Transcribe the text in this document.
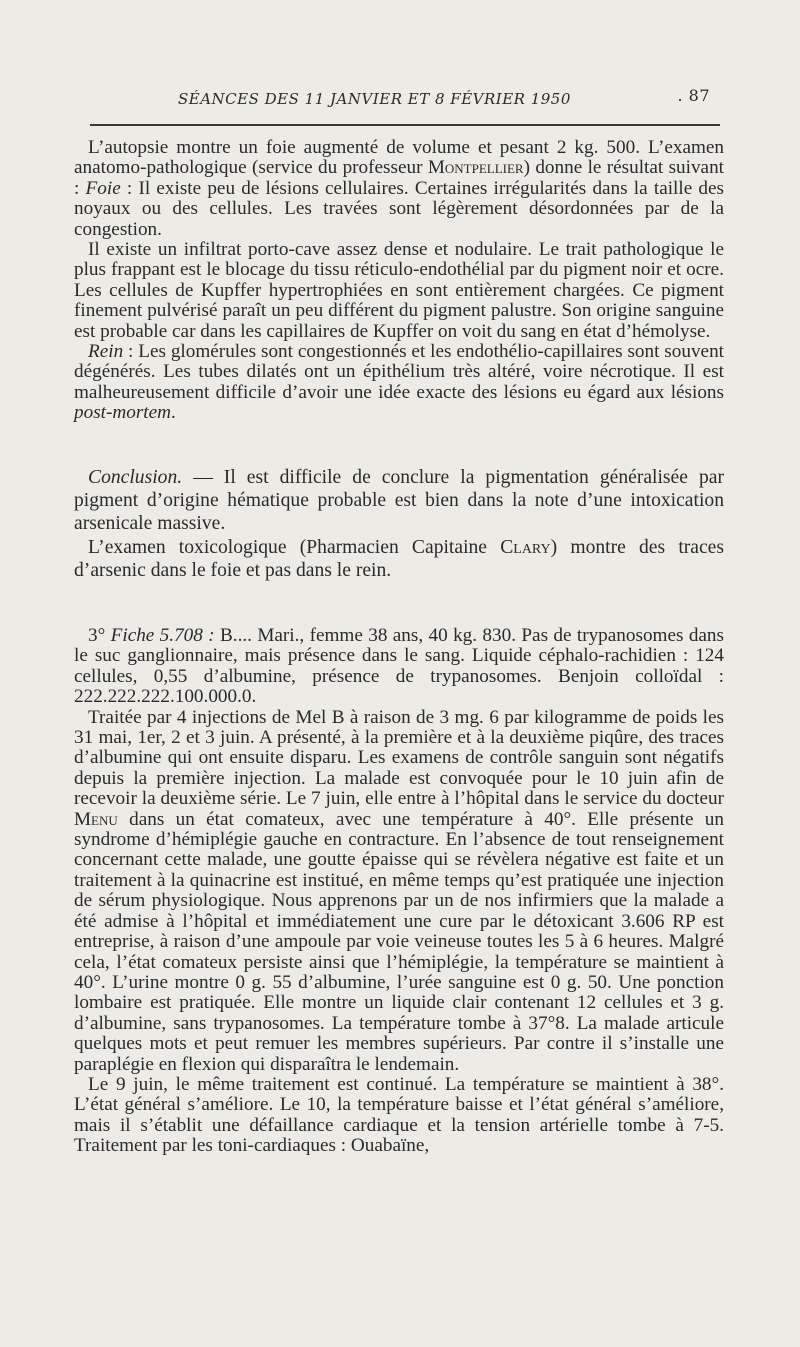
SÉANCES DES 11 JANVIER ET 8 FÉVRIER 1950	. 87

L’autopsie montre un foie augmenté de volume et pesant 2 kg. 500. L’examen anatomo-pathologique (service du professeur Montpellier) donne le résultat suivant : Foie : Il existe peu de lésions cellulaires. Certaines irrégularités dans la taille des noyaux ou des cellules. Les travées sont légèrement désordonnées par de la congestion.

Il existe un infiltrat porto-cave assez dense et nodulaire. Le trait pathologique le plus frappant est le blocage du tissu réticulo-endothélial par du pigment noir et ocre. Les cellules de Kupffer hypertrophiées en sont entièrement chargées. Ce pigment finement pulvérisé paraît un peu différent du pigment palustre. Son origine sanguine est probable car dans les capillaires de Kupffer on voit du sang en état d’hémolyse.

Rein : Les glomérules sont congestionnés et les endothélio-capillaires sont souvent dégénérés. Les tubes dilatés ont un épithélium très altéré, voire nécrotique. Il est malheureusement difficile d’avoir une idée exacte des lésions eu égard aux lésions post-mortem.

Conclusion. — Il est difficile de conclure la pigmentation généralisée par pigment d’origine hématique probable est bien dans la note d’une intoxication arsenicale massive.

L’examen toxicologique (Pharmacien Capitaine Clary) montre des traces d’arsenic dans le foie et pas dans le rein.

3° Fiche 5.708 : B.... Mari., femme 38 ans, 40 kg. 830. Pas de trypanosomes dans le suc ganglionnaire, mais présence dans le sang. Liquide céphalo-rachidien : 124 cellules, 0,55 d’albumine, présence de trypanosomes. Benjoin colloïdal : 222.222.222.100.000.0.

Traitée par 4 injections de Mel B à raison de 3 mg. 6 par kilogramme de poids les 31 mai, 1er, 2 et 3 juin. A présenté, à la première et à la deuxième piqûre, des traces d’albumine qui ont ensuite disparu. Les examens de contrôle sanguin sont négatifs depuis la première injection. La malade est convoquée pour le 10 juin afin de recevoir la deuxième série. Le 7 juin, elle entre à l’hôpital dans le service du docteur Menu dans un état comateux, avec une température à 40°. Elle présente un syndrome d’hémiplégie gauche en contracture. En l’absence de tout renseignement concernant cette malade, une goutte épaisse qui se révèlera négative est faite et un traitement à la quinacrine est institué, en même temps qu’est pratiquée une injection de sérum physiologique. Nous apprenons par un de nos infirmiers que la malade a été admise à l’hôpital et immédiatement une cure par le détoxicant 3.606 RP est entreprise, à raison d’une ampoule par voie veineuse toutes les 5 à 6 heures. Malgré cela, l’état comateux persiste ainsi que l’hémiplégie, la température se maintient à 40°. L’urine montre 0 g. 55 d’albumine, l’urée sanguine est 0 g. 50. Une ponction lombaire est pratiquée. Elle montre un liquide clair contenant 12 cellules et 3 g. d’albumine, sans trypanosomes. La température tombe à 37°8. La malade articule quelques mots et peut remuer les membres supérieurs. Par contre il s’installe une paraplégie en flexion qui disparaîtra le lendemain.

Le 9 juin, le même traitement est continué. La température se maintient à 38°. L’état général s’améliore. Le 10, la température baisse et l’état général s’améliore, mais il s’établit une défaillance cardiaque et la tension artérielle tombe à 7-5. Traitement par les toni-cardiaques : Ouabaïne,
